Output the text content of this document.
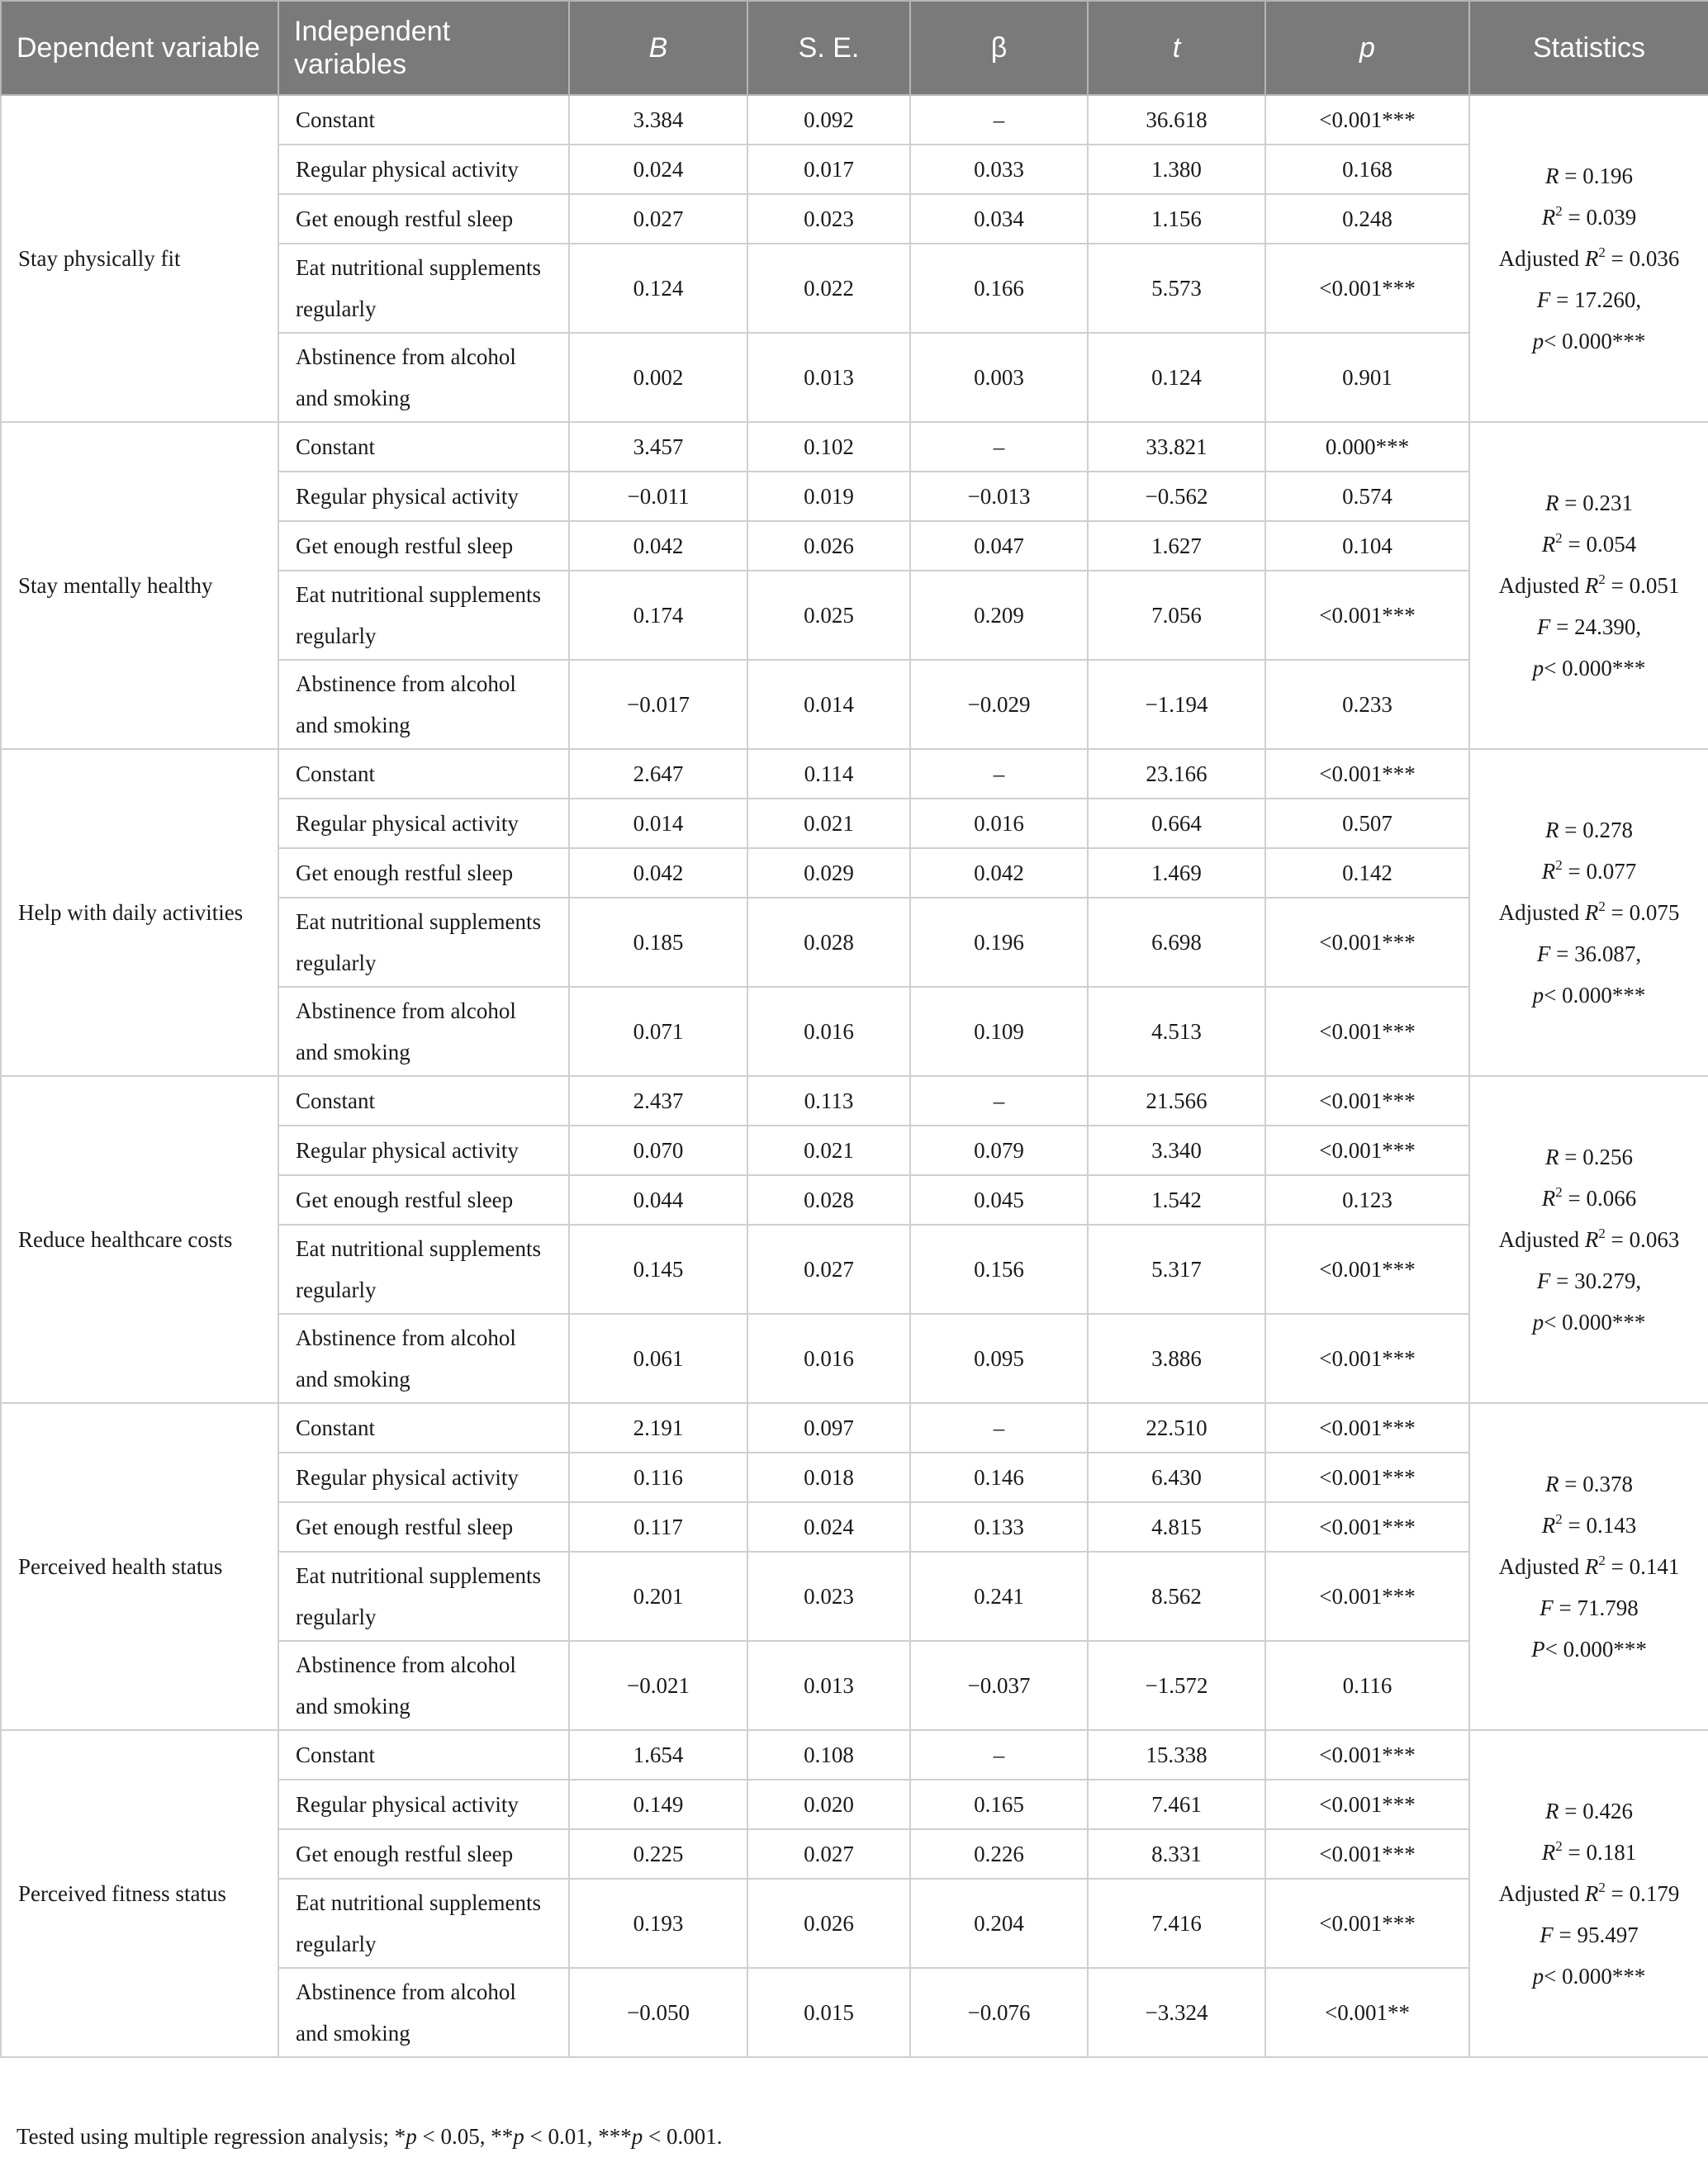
Dependent variable	Independent variables	B	S. E.	β	t	p	Statistics
Stay physically fit	Constant	3.384	0.092	–	36.618	<0.001***	R = 0.196
$R^2 = 0.039$
Adjusted $R^2 = 0.036$
F = 17.260,
p< 0.000***

	Regular physical activity	0.024	0.017	0.033	1.380	0.168	
	Get enough restful sleep	0.027	0.023	0.034	1.156	0.248	
	Eat nutritional supplements regularly	0.124	0.022	0.166	5.573	<0.001***	
	Abstinence from alcohol and smoking	0.002	0.013	0.003	0.124	0.901	
Stay mentally healthy	Constant	3.457	0.102	–	33.821	0.000***	R = 0.231
$R^2 = 0.054$
Adjusted $R^2 = 0.051$
F = 24.390,
p< 0.000***

	Regular physical activity	−0.011	0.019	−0.013	−0.562	0.574	
	Get enough restful sleep	0.042	0.026	0.047	1.627	0.104	
	Eat nutritional supplements regularly	0.174	0.025	0.209	7.056	<0.001***	
	Abstinence from alcohol and smoking	−0.017	0.014	−0.029	−1.194	0.233	
Help with daily activities	Constant	2.647	0.114	–	23.166	<0.001***	R = 0.278
$R^2 = 0.077$
Adjusted $R^2 = 0.075$
F = 36.087,
p< 0.000***

	Regular physical activity	0.014	0.021	0.016	0.664	0.507	
	Get enough restful sleep	0.042	0.029	0.042	1.469	0.142	
	Eat nutritional supplements regularly	0.185	0.028	0.196	6.698	<0.001***	
	Abstinence from alcohol and smoking	0.071	0.016	0.109	4.513	<0.001***	
Reduce healthcare costs	Constant	2.437	0.113	–	21.566	<0.001***	R = 0.256
$R^2 = 0.066$
Adjusted $R^2 = 0.063$
F = 30.279,
p< 0.000***

	Regular physical activity	0.070	0.021	0.079	3.340	<0.001***	
	Get enough restful sleep	0.044	0.028	0.045	1.542	0.123	
	Eat nutritional supplements regularly	0.145	0.027	0.156	5.317	<0.001***	
	Abstinence from alcohol and smoking	0.061	0.016	0.095	3.886	<0.001***	
Perceived health status	Constant	2.191	0.097	–	22.510	<0.001***	R = 0.378
$R^2 = 0.143$
Adjusted $R^2 = 0.141$
F = 71.798
P< 0.000***

	Regular physical activity	0.116	0.018	0.146	6.430	<0.001***	
	Get enough restful sleep	0.117	0.024	0.133	4.815	<0.001***	
	Eat nutritional supplements regularly	0.201	0.023	0.241	8.562	<0.001***	
	Abstinence from alcohol and smoking	−0.021	0.013	−0.037	−1.572	0.116	
Perceived fitness status	Constant	1.654	0.108	–	15.338	<0.001***	R = 0.426
$R^2 = 0.181$
Adjusted $R^2 = 0.179$
F = 95.497
p< 0.000***

	Regular physical activity	0.149	0.020	0.165	7.461	<0.001***	
	Get enough restful sleep	0.225	0.027	0.226	8.331	<0.001***	
	Eat nutritional supplements regularly	0.193	0.026	0.204	7.416	<0.001***	
	Abstinence from alcohol and smoking	−0.050	0.015	−0.076	−3.324	<0.001**	
Tested using multiple regression analysis; *p < 0.05, **p < 0.01, ***p < 0.001.
